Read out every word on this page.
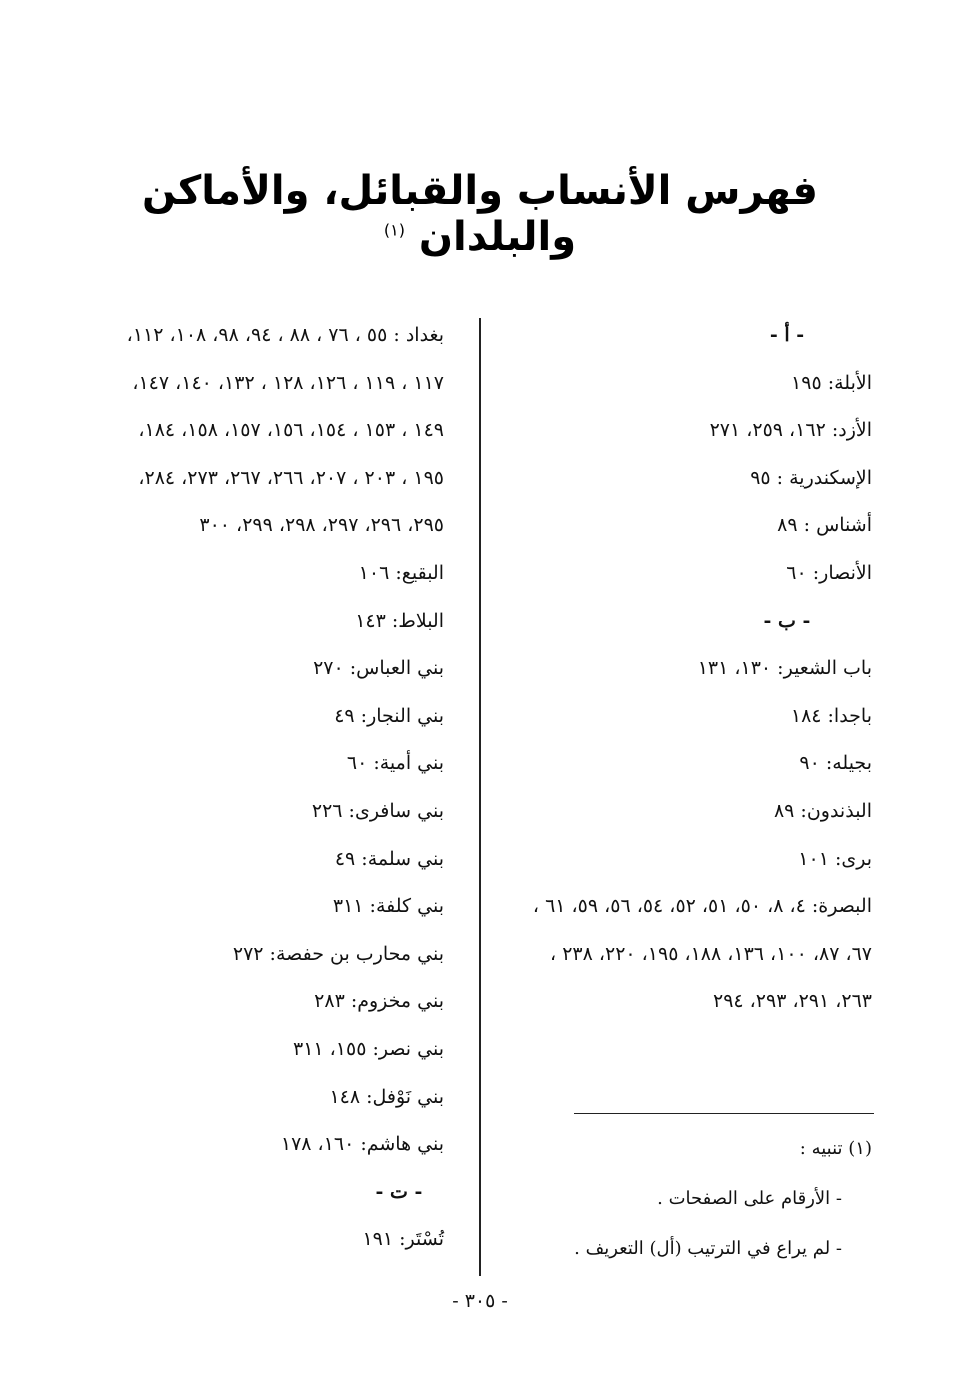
فهرس الأنساب والقبائل، والأماكن والبلدان $^{(١)}$
- أ -
الأبلة: ١٩٥
الأزد: ١٦٢، ٢٥٩، ٢٧١
الإسكندرية : ٩٥
أشناس : ٨٩
الأنصار: ٦٠
- ب -
باب الشعير: ١٣٠، ١٣١
باجدا: ١٨٤
بجيله: ٩٠
البذندون: ٨٩
برى: ١٠١
البصرة: ٤، ٨، ٥٠، ٥١، ٥٢، ٥٤، ٥٦، ٥٩، ٦١ ،
٦٧، ٨٧، ١٠٠، ١٣٦، ١٨٨، ١٩٥، ٢٢٠، ٢٣٨ ،
٢٦٣، ٢٩١، ٢٩٣، ٢٩٤
بغداد : ٥٥ ، ٧٦ ، ٨٨ ، ٩٤، ٩٨، ١٠٨، ١١٢،
١١٧ ، ١١٩ ، ١٢٦، ١٢٨ ، ١٣٢، ١٤٠، ١٤٧،
١٤٩ ، ١٥٣ ، ١٥٤، ١٥٦، ١٥٧، ١٥٨، ١٨٤،
١٩٥ ، ٢٠٣ ، ٢٠٧، ٢٦٦، ٢٦٧، ٢٧٣، ٢٨٤،
٢٩٥، ٢٩٦، ٢٩٧، ٢٩٨، ٢٩٩، ٣٠٠
البقيع: ١٠٦
البلاط: ١٤٣
بني العباس: ٢٧٠
بني النجار: ٤٩
بني أمية: ٦٠
بني سافرى: ٢٢٦
بني سلمة: ٤٩
بني كلفة: ٣١١
بني محارب بن حفصة: ٢٧٢
بني مخزوم: ٢٨٣
بني نصر: ١٥٥، ٣١١
بني نَوْفل: ١٤٨
بني هاشم: ١٦٠، ١٧٨
- ت -
تُسْتَر: ١٩١
(١) تنبيه :
- الأرقام على الصفحات .
- لم يراع في الترتيب (أل) التعريف .
- ٣٠٥ -
